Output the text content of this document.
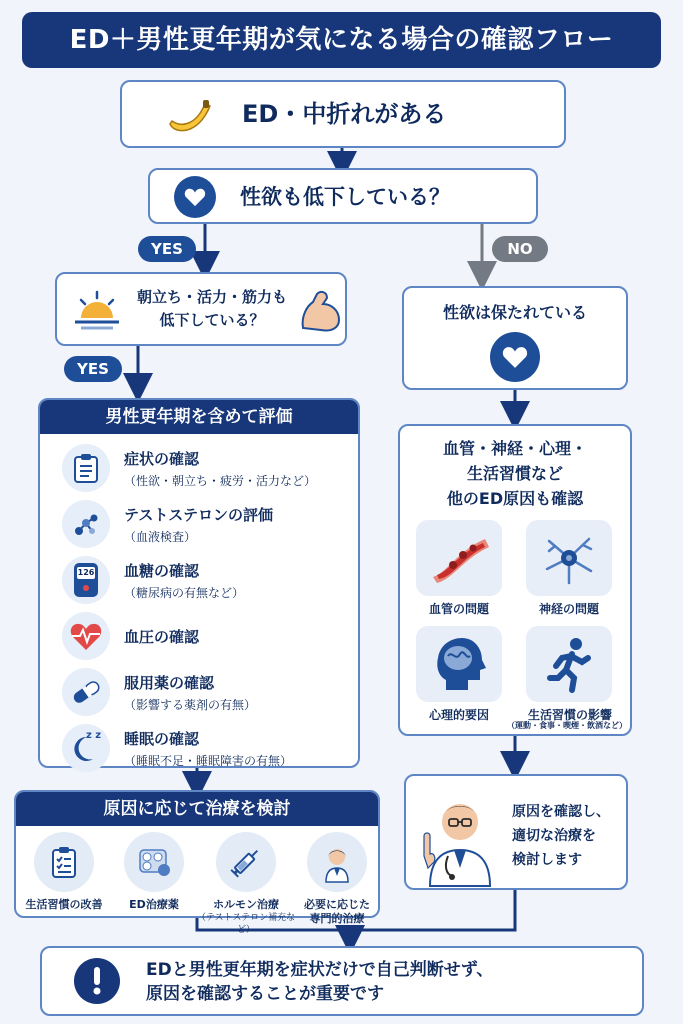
ED＋男性更年期が気になる場合の確認フロー
ED・中折れがある
性欲も低下している？
YES	NO
朝立ち・活力・筋力も
低下している？
YES
性欲は保たれている
男性更年期を含めて評価
症状の確認
（性欲・朝立ち・疲労・活力など）
テストステロンの評価
（血液検査）
126 血糖の確認
（糖尿病の有無など）
血圧の確認
服用薬の確認
（影響する薬剤の有無）
z z 睡眠の確認
（睡眠不足・睡眠障害の有無）
血管・神経・心理・
生活習慣など
他のED原因も確認
血管の問題	神経の問題
心理的要因	生活習慣の影響
（運動・食事・喫煙・飲酒など）
原因に応じて治療を検討
生活習慣の改善	ED治療薬	ホルモン治療
（テストステロン補充など）
必要に応じた
専門的治療
原因を確認し、
適切な治療を
検討します
EDと男性更年期を症状だけで自己判断せず、
原因を確認することが重要です
